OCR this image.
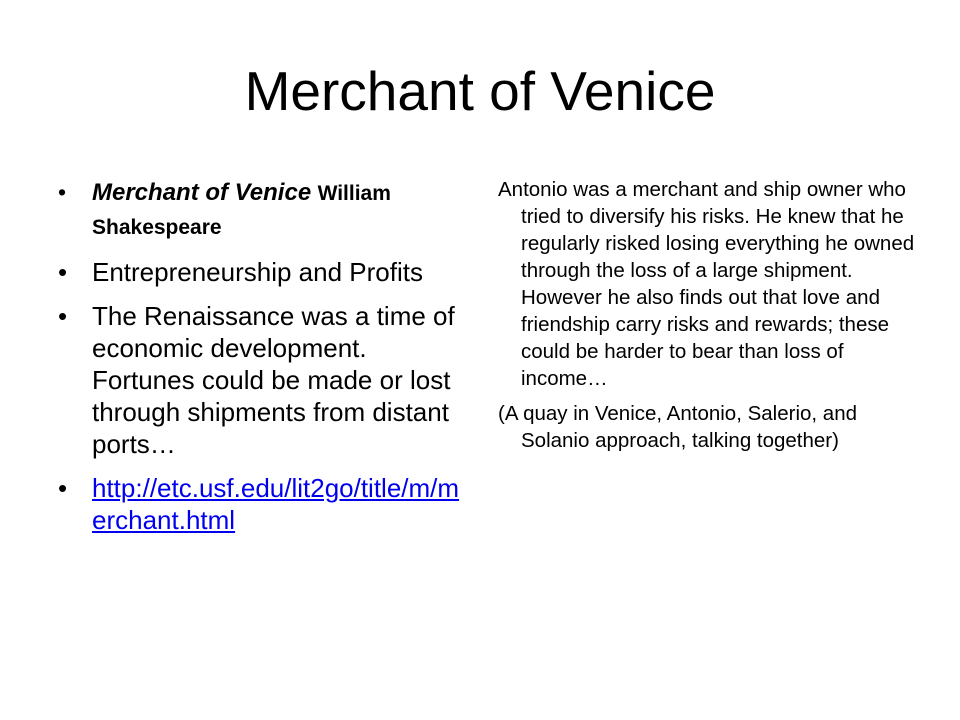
Merchant of Venice
• Merchant of Venice William Shakespeare
• Entrepreneurship and Profits
• The Renaissance was a time of economic development. Fortunes could be made or lost through shipments from distant ports…
• http://etc.usf.edu/lit2go/title/m/merchant.html

Antonio was a merchant and ship owner who tried to diversify his risks. He knew that he regularly risked losing everything he owned through the loss of a large shipment. However he also finds out that love and friendship carry risks and rewards; these could be harder to bear than loss of income…

(A quay in Venice, Antonio, Salerio, and Solanio approach, talking together)
